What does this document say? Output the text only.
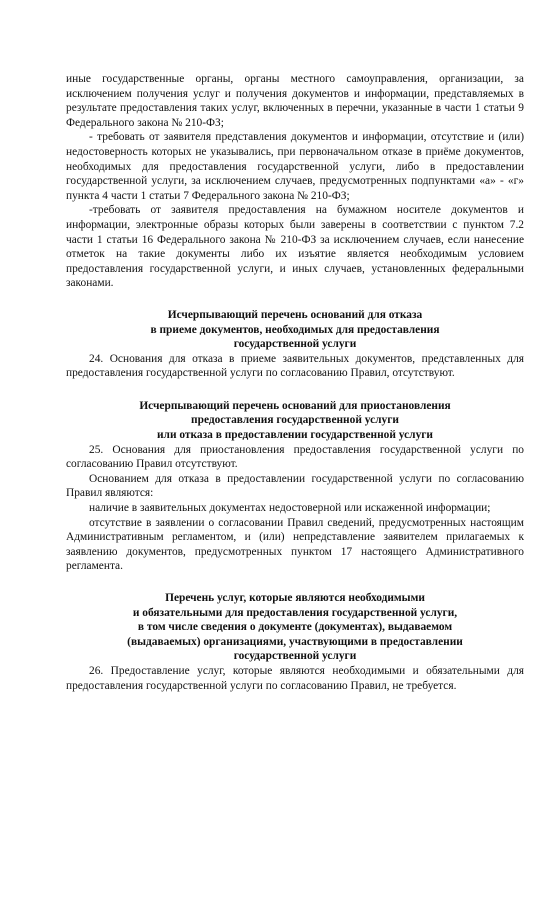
иные государственные органы, органы местного самоуправления, организации, за исключением получения услуг и получения документов и информации, представляемых в результате предоставления таких услуг, включенных в перечни, указанные в части 1 статьи 9 Федерального закона № 210-ФЗ;

- требовать от заявителя представления документов и информации, отсутствие и (или) недостоверность которых не указывались, при первоначальном отказе в приёме документов, необходимых для предоставления государственной услуги, либо в предоставлении государственной услуги, за исключением случаев, предусмотренных подпунктами «а» - «г» пункта 4 части 1 статьи 7 Федерального закона № 210-ФЗ;

-требовать от заявителя предоставления на бумажном носителе документов и информации, электронные образы которых были заверены в соответствии с пунктом 7.2 части 1 статьи 16 Федерального закона № 210-ФЗ за исключением случаев, если нанесение отметок на такие документы либо их изъятие является необходимым условием предоставления государственной услуги, и иных случаев, установленных федеральными законами.

Исчерпывающий перечень оснований для отказа
в приеме документов, необходимых для предоставления
государственной услуги

24. Основания для отказа в приеме заявительных документов, представленных для предоставления государственной услуги по согласованию Правил, отсутствуют.

Исчерпывающий перечень оснований для приостановления
предоставления государственной услуги
или отказа в предоставлении государственной услуги

25. Основания для приостановления предоставления государственной услуги по согласованию Правил отсутствуют.

Основанием для отказа в предоставлении государственной услуги по согласованию Правил являются:

наличие в заявительных документах недостоверной или искаженной информации;

отсутствие в заявлении о согласовании Правил сведений, предусмотренных настоящим Административным регламентом, и (или) непредставление заявителем прилагаемых к заявлению документов, предусмотренных пунктом 17 настоящего Административного регламента.

Перечень услуг, которые являются необходимыми
и обязательными для предоставления государственной услуги,
в том числе сведения о документе (документах), выдаваемом
(выдаваемых) организациями, участвующими в предоставлении
государственной услуги

26. Предоставление услуг, которые являются необходимыми и обязательными для предоставления государственной услуги по согласованию Правил, не требуется.
